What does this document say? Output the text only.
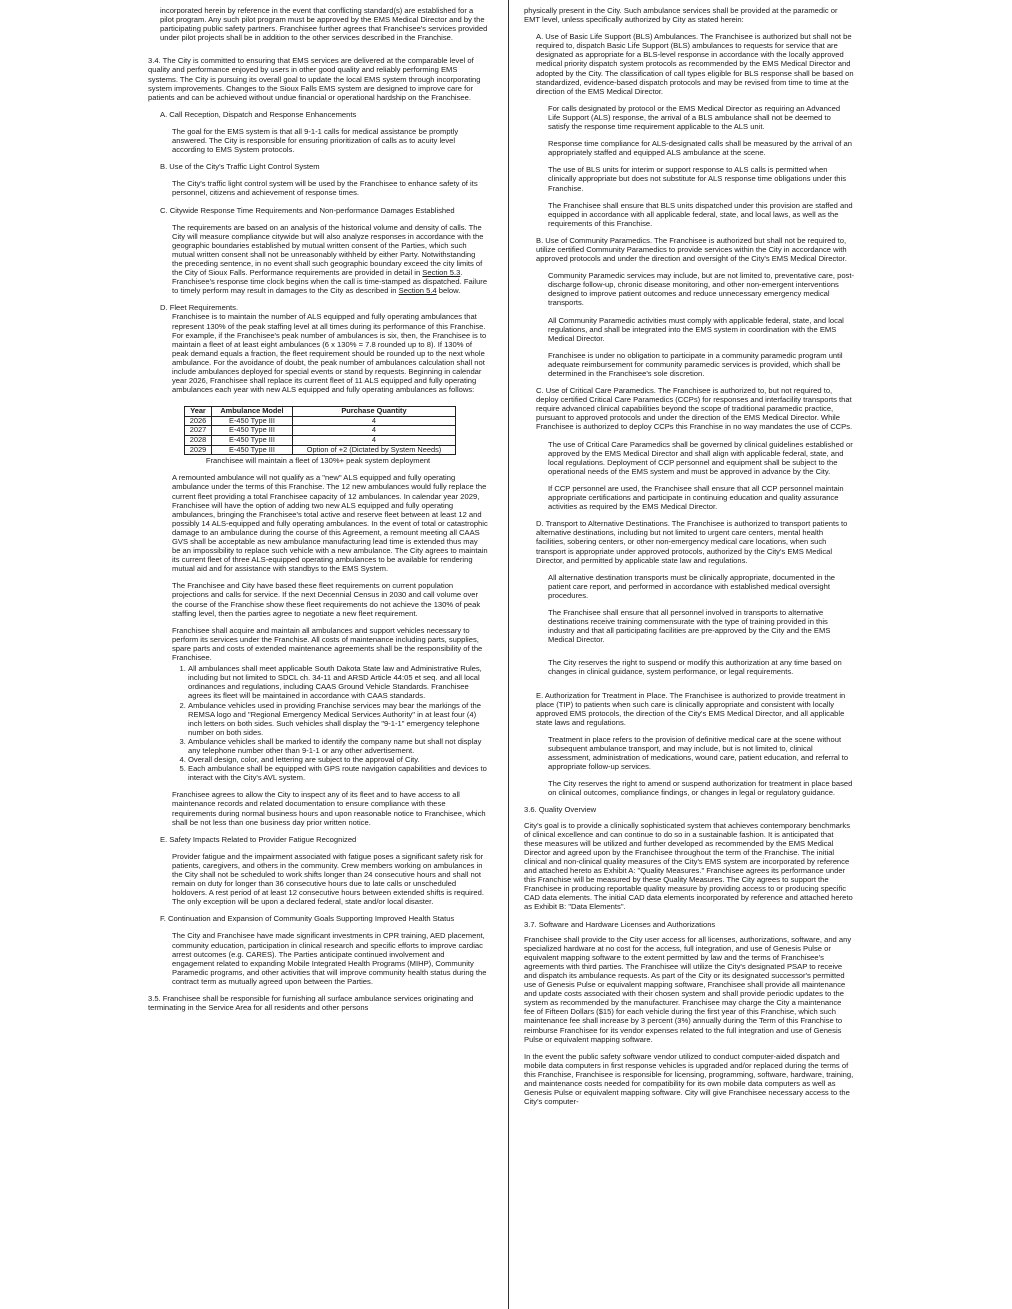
incorporated herein by reference in the event that conflicting standard(s) are established for a pilot program. Any such pilot program must be approved by the EMS Medical Director and by the participating public safety partners. Franchisee further agrees that Franchisee's services provided under pilot projects shall be in addition to the other services described in the Franchise.

3.4. The City is committed to ensuring that EMS services are delivered at the comparable level of quality and performance enjoyed by users in other good quality and reliably performing EMS systems. The City is pursuing its overall goal to update the local EMS system through incorporating system improvements. Changes to the Sioux Falls EMS system are designed to improve care for patients and can be achieved without undue financial or operational hardship on the Franchisee.

A. Call Reception, Dispatch and Response Enhancements

The goal for the EMS system is that all 9-1-1 calls for medical assistance be promptly answered. The City is responsible for ensuring prioritization of calls as to acuity level according to EMS System protocols.

B. Use of the City's Traffic Light Control System

The City's traffic light control system will be used by the Franchisee to enhance safety of its personnel, citizens and achievement of response times.

C. Citywide Response Time Requirements and Non-performance Damages Established

The requirements are based on an analysis of the historical volume and density of calls. The City will measure compliance citywide but will also analyze responses in accordance with the geographic boundaries established by mutual written consent of the Parties, which such mutual written consent shall not be unreasonably withheld by either Party. Notwithstanding the preceding sentence, in no event shall such geographic boundary exceed the city limits of the City of Sioux Falls. Performance requirements are provided in detail in Section 5.3. Franchisee's response time clock begins when the call is time-stamped as dispatched. Failure to timely perform may result in damages to the City as described in Section 5.4 below.

D. Fleet Requirements.

Franchisee is to maintain the number of ALS equipped and fully operating ambulances that represent 130% of the peak staffing level at all times during its performance of this Franchise. For example, if the Franchisee's peak number of ambulances is six, then, the Franchisee is to maintain a fleet of at least eight ambulances (6 x 130% = 7.8 rounded up to 8). If 130% of peak demand equals a fraction, the fleet requirement should be rounded up to the next whole ambulance. For the avoidance of doubt, the peak number of ambulances calculation shall not include ambulances deployed for special events or stand by requests. Beginning in calendar year 2026, Franchisee shall replace its current fleet of 11 ALS equipped and fully operating ambulances each year with new ALS equipped and fully operating ambulances as follows:

Year	Ambulance Model	Purchase Quantity
2026	E-450 Type III	4
2027	E-450 Type III	4
2028	E-450 Type III	4
2029	E-450 Type III	Option of +2 (Dictated by System Needs)

Franchisee will maintain a fleet of 130%+ peak system deployment

A remounted ambulance will not qualify as a "new" ALS equipped and fully operating ambulance under the terms of this Franchise. The 12 new ambulances would fully replace the current fleet providing a total Franchisee capacity of 12 ambulances. In calendar year 2029, Franchisee will have the option of adding two new ALS equipped and fully operating ambulances, bringing the Franchisee's total active and reserve fleet between at least 12 and possibly 14 ALS-equipped and fully operating ambulances. In the event of total or catastrophic damage to an ambulance during the course of this Agreement, a remount meeting all CAAS GVS shall be acceptable as new ambulance manufacturing lead time is extended thus may be an impossibility to replace such vehicle with a new ambulance. The City agrees to maintain its current fleet of three ALS-equipped operating ambulances to be available for rendering mutual aid and for assistance with standbys to the EMS System.

The Franchisee and City have based these fleet requirements on current population projections and calls for service. If the next Decennial Census in 2030 and call volume over the course of the Franchise show these fleet requirements do not achieve the 130% of peak staffing level, then the parties agree to negotiate a new fleet requirement.

Franchisee shall acquire and maintain all ambulances and support vehicles necessary to perform its services under the Franchise. All costs of maintenance including parts, supplies, spare parts and costs of extended maintenance agreements shall be the responsibility of the Franchisee.

1. All ambulances shall meet applicable South Dakota State law and Administrative Rules, including but not limited to SDCL ch. 34-11 and ARSD Article 44:05 et seq. and all local ordinances and regulations, including CAAS Ground Vehicle Standards. Franchisee agrees its fleet will be maintained in accordance with CAAS standards.
2. Ambulance vehicles used in providing Franchise services may bear the markings of the REMSA logo and "Regional Emergency Medical Services Authority" in at least four (4) inch letters on both sides. Such vehicles shall display the "9-1-1" emergency telephone number on both sides.
3. Ambulance vehicles shall be marked to identify the company name but shall not display any telephone number other than 9-1-1 or any other advertisement.
4. Overall design, color, and lettering are subject to the approval of City.
5. Each ambulance shall be equipped with GPS route navigation capabilities and devices to interact with the City's AVL system.

Franchisee agrees to allow the City to inspect any of its fleet and to have access to all maintenance records and related documentation to ensure compliance with these requirements during normal business hours and upon reasonable notice to Franchisee, which shall be not less than one business day prior written notice.

E. Safety Impacts Related to Provider Fatigue Recognized

Provider fatigue and the impairment associated with fatigue poses a significant safety risk for patients, caregivers, and others in the community. Crew members working on ambulances in the City shall not be scheduled to work shifts longer than 24 consecutive hours and shall not remain on duty for longer than 36 consecutive hours due to late calls or unscheduled holdovers. A rest period of at least 12 consecutive hours between extended shifts is required. The only exception will be upon a declared federal, state and/or local disaster.

F. Continuation and Expansion of Community Goals Supporting Improved Health Status

The City and Franchisee have made significant investments in CPR training, AED placement, community education, participation in clinical research and specific efforts to improve cardiac arrest outcomes (e.g. CARES). The Parties anticipate continued involvement and engagement related to expanding Mobile Integrated Health Programs (MIHP), Community Paramedic programs, and other activities that will improve community health status during the contract term as mutually agreed upon between the Parties.

3.5. Franchisee shall be responsible for furnishing all surface ambulance services originating and terminating in the Service Area for all residents and other persons

physically present in the City. Such ambulance services shall be provided at the paramedic or EMT level, unless specifically authorized by City as stated herein:

A. Use of Basic Life Support (BLS) Ambulances. The Franchisee is authorized but shall not be required to, dispatch Basic Life Support (BLS) ambulances to requests for service that are designated as appropriate for a BLS-level response in accordance with the locally approved medical priority dispatch system protocols as recommended by the EMS Medical Director and adopted by the City. The classification of call types eligible for BLS response shall be based on standardized, evidence-based dispatch protocols and may be revised from time to time at the direction of the EMS Medical Director.

For calls designated by protocol or the EMS Medical Director as requiring an Advanced Life Support (ALS) response, the arrival of a BLS ambulance shall not be deemed to satisfy the response time requirement applicable to the ALS unit.

Response time compliance for ALS-designated calls shall be measured by the arrival of an appropriately staffed and equipped ALS ambulance at the scene.

The use of BLS units for interim or support response to ALS calls is permitted when clinically appropriate but does not substitute for ALS response time obligations under this Franchise.

The Franchisee shall ensure that BLS units dispatched under this provision are staffed and equipped in accordance with all applicable federal, state, and local laws, as well as the requirements of this Franchise.

B. Use of Community Paramedics. The Franchisee is authorized but shall not be required to, utilize certified Community Paramedics to provide services within the City in accordance with approved protocols and under the direction and oversight of the City's EMS Medical Director.

Community Paramedic services may include, but are not limited to, preventative care, post-discharge follow-up, chronic disease monitoring, and other non-emergent interventions designed to improve patient outcomes and reduce unnecessary emergency medical transports.

All Community Paramedic activities must comply with applicable federal, state, and local regulations, and shall be integrated into the EMS system in coordination with the EMS Medical Director.

Franchisee is under no obligation to participate in a community paramedic program until adequate reimbursement for community paramedic services is provided, which shall be determined in the Franchisee's sole discretion.

C. Use of Critical Care Paramedics. The Franchisee is authorized to, but not required to, deploy certified Critical Care Paramedics (CCPs) for responses and interfacility transports that require advanced clinical capabilities beyond the scope of traditional paramedic practice, pursuant to approved protocols and under the direction of the EMS Medical Director. While Franchisee is authorized to deploy CCPs this Franchise in no way mandates the use of CCPs.

The use of Critical Care Paramedics shall be governed by clinical guidelines established or approved by the EMS Medical Director and shall align with applicable federal, state, and local regulations. Deployment of CCP personnel and equipment shall be subject to the operational needs of the EMS system and must be approved in advance by the City.

If CCP personnel are used, the Franchisee shall ensure that all CCP personnel maintain appropriate certifications and participate in continuing education and quality assurance activities as required by the EMS Medical Director.

D. Transport to Alternative Destinations. The Franchisee is authorized to transport patients to alternative destinations, including but not limited to urgent care centers, mental health facilities, sobering centers, or other non-emergency medical care locations, when such transport is appropriate under approved protocols, authorized by the City's EMS Medical Director, and permitted by applicable state law and regulations.

All alternative destination transports must be clinically appropriate, documented in the patient care report, and performed in accordance with established medical oversight procedures.

The Franchisee shall ensure that all personnel involved in transports to alternative destinations receive training commensurate with the type of training provided in this industry and that all participating facilities are pre-approved by the City and the EMS Medical Director.

The City reserves the right to suspend or modify this authorization at any time based on changes in clinical guidance, system performance, or legal requirements.

E. Authorization for Treatment in Place. The Franchisee is authorized to provide treatment in place (TIP) to patients when such care is clinically appropriate and consistent with locally approved EMS protocols, the direction of the City's EMS Medical Director, and all applicable state laws and regulations.

Treatment in place refers to the provision of definitive medical care at the scene without subsequent ambulance transport, and may include, but is not limited to, clinical assessment, administration of medications, wound care, patient education, and referral to appropriate follow-up services.

The City reserves the right to amend or suspend authorization for treatment in place based on clinical outcomes, compliance findings, or changes in legal or regulatory guidance.

3.6. Quality Overview

City's goal is to provide a clinically sophisticated system that achieves contemporary benchmarks of clinical excellence and can continue to do so in a sustainable fashion. It is anticipated that these measures will be utilized and further developed as recommended by the EMS Medical Director and agreed upon by the Franchisee throughout the term of the Franchise. The initial clinical and non-clinical quality measures of the City's EMS system are incorporated by reference and attached hereto as Exhibit A: "Quality Measures." Franchisee agrees its performance under this Franchise will be measured by these Quality Measures. The City agrees to support the Franchisee in producing reportable quality measure by providing access to or producing specific CAD data elements. The initial CAD data elements incorporated by reference and attached hereto as Exhibit B: "Data Elements".

3.7. Software and Hardware Licenses and Authorizations

Franchisee shall provide to the City user access for all licenses, authorizations, software, and any specialized hardware at no cost for the access, full integration, and use of Genesis Pulse or equivalent mapping software to the extent permitted by law and the terms of Franchisee's agreements with third parties. The Franchisee will utilize the City's designated PSAP to receive and dispatch its ambulance requests. As part of the City or its designated successor's permitted use of Genesis Pulse or equivalent mapping software, Franchisee shall provide all maintenance and update costs associated with their chosen system and shall provide periodic updates to the system as recommended by the manufacturer. Franchisee may charge the City a maintenance fee of Fifteen Dollars ($15) for each vehicle during the first year of this Franchise, which such maintenance fee shall increase by 3 percent (3%) annually during the Term of this Franchise to reimburse Franchisee for its vendor expenses related to the full integration and use of Genesis Pulse or equivalent mapping software.

In the event the public safety software vendor utilized to conduct computer-aided dispatch and mobile data computers in first response vehicles is upgraded and/or replaced during the terms of this Franchise, Franchisee is responsible for licensing, programming, software, hardware, training, and maintenance costs needed for compatibility for its own mobile data computers as well as Genesis Pulse or equivalent mapping software. City will give Franchisee necessary access to the City's computer-
